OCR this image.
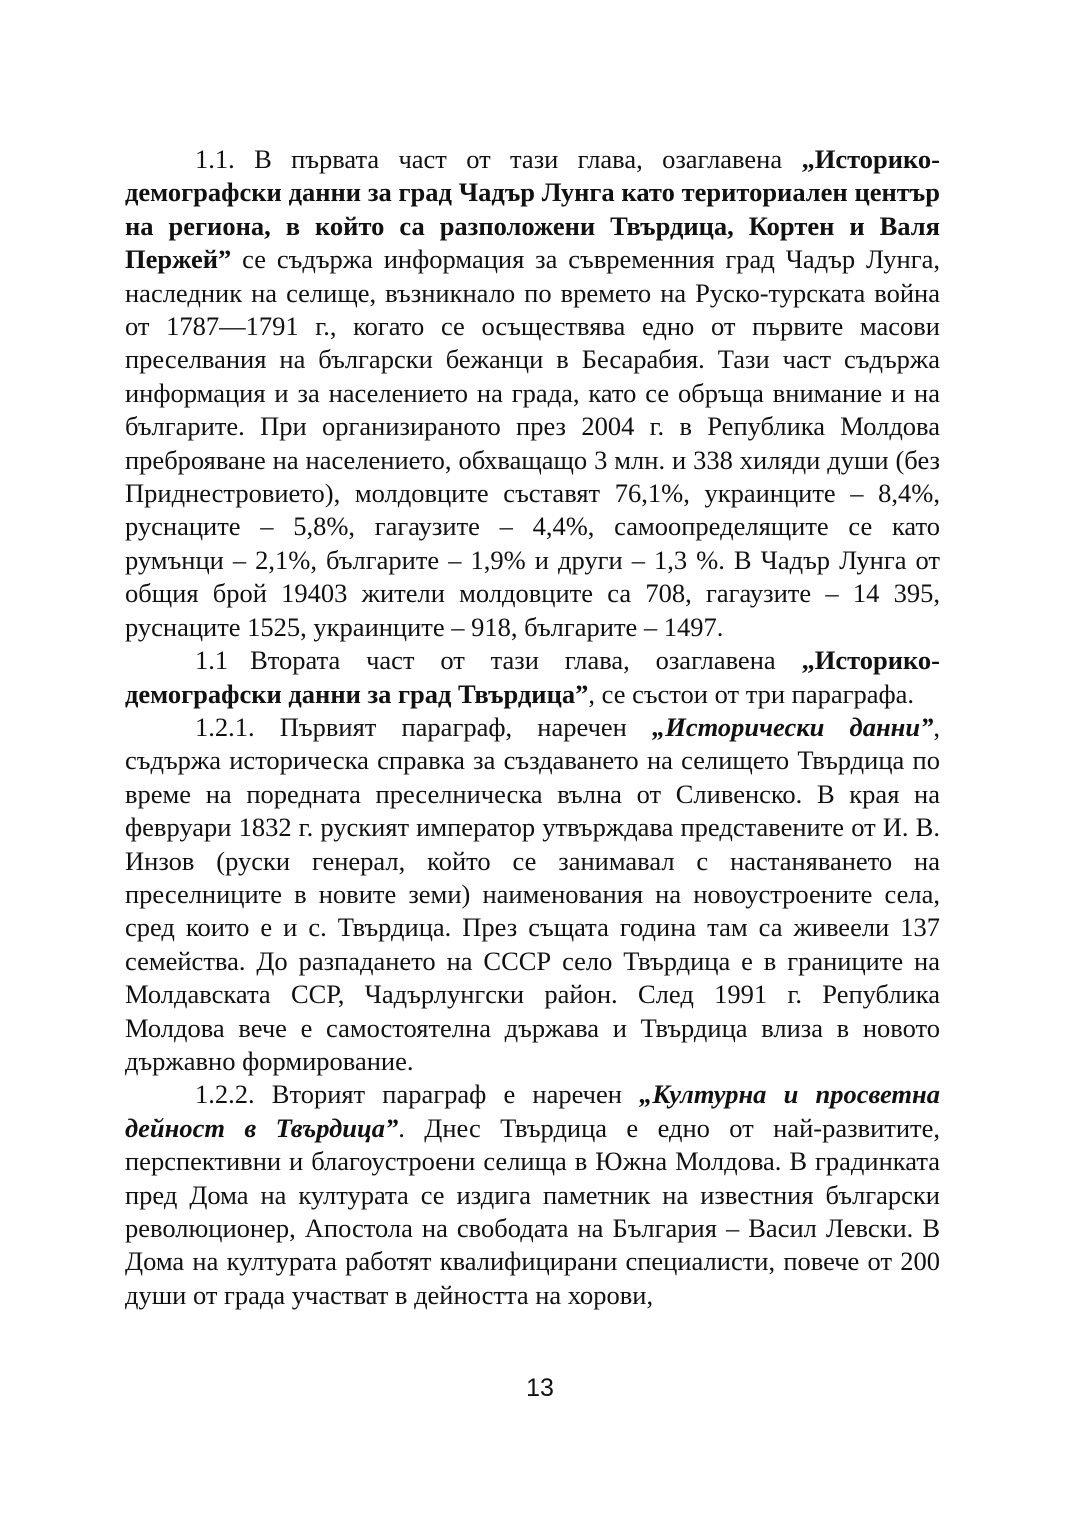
1.1. В първата част от тази глава, озаглавена „Историко-демографски данни за град Чадър Лунга като териториален център на региона, в който са разположени Твърдица, Кортен и Валя Пержей” се съдържа информация за съвременния град Чадър Лунга, наследник на селище, възникнало по времето на Руско-турската война от 1787—1791 г., когато се осъществява едно от първите масови преселвания на български бежанци в Бесарабия. Тази част съдържа информация и за населението на града, като се обръща внимание и на българите. При организираното през 2004 г. в Република Молдова преброяване на населението, обхващащо 3 млн. и 338 хиляди души (без Приднестровието), молдовците съставят 76,1%, украинците – 8,4%, руснаците – 5,8%, гагаузите – 4,4%, самоопределящите се като румънци – 2,1%, българите – 1,9% и други – 1,3 %. В Чадър Лунга от общия брой 19403 жители молдовците са 708, гагаузите – 14 395, руснаците 1525, украинците – 918, българите – 1497.

1.1 Втората част от тази глава, озаглавена „Историко-демографски данни за град Твърдица”, се състои от три параграфа.

1.2.1. Първият параграф, наречен „Исторически данни”, съдържа историческа справка за създаването на селището Твърдица по време на поредната преселническа вълна от Сливенско. В края на февруари 1832 г. руският император утвърждава представените от И. В. Инзов (руски генерал, който се занимавал с настаняването на преселниците в новите земи) наименования на новоустроените села, сред които е и с. Твърдица. През същата година там са живеели 137 семейства. До разпадането на СССР село Твърдица е в границите на Молдавската ССР, Чадърлунгски район. След 1991 г. Република Молдова вече е самостоятелна държава и Твърдица влиза в новото държавно формирование.

1.2.2. Вторият параграф е наречен „Културна и просветна дейност в Твърдица”. Днес Твърдица е едно от най-развитите, перспективни и благоустроени селища в Южна Молдова. В градинката пред Дома на културата се издига паметник на известния български революционер, Апостола на свободата на България – Васил Левски. В Дома на културата работят квалифицирани специалисти, повече от 200 души от града участват в дейността на хорови,

13
